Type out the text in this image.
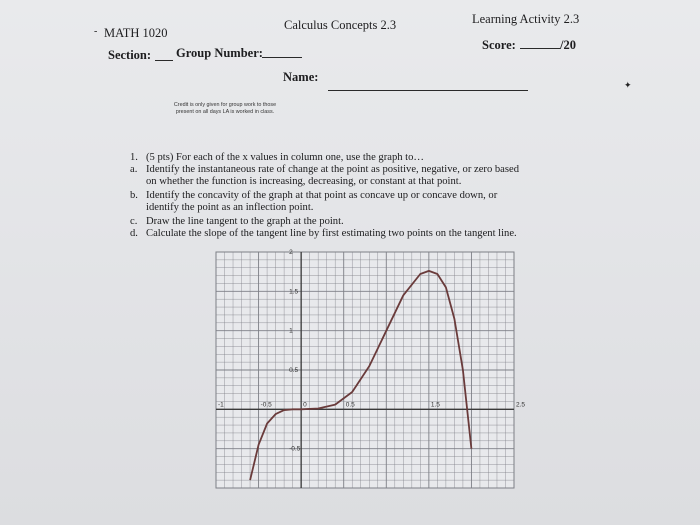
- MATH 1020
Calculus Concepts 2.3	Learning Activity 2.3
Section: Group Number:
Score:	/20
Name:
Credit is only given for group work to those
present on all days LA is worked in class.
1. (5 pts) For each of the x values in column one, use the graph to…
a. Identify the instantaneous rate of change at the point as positive, negative, or zero based
on whether the function is increasing, decreasing, or constant at that point.
b. Identify the concavity of the graph at that point as concave up or concave down, or
identify the point as an inflection point.
c. Draw the line tangent to the graph at the point.
d. Calculate the slope of the tangent line by first estimating two points on the tangent line.
-1	-0.5	0	0.5	1.5	2.5
2
1.5
1
0.5
-0.5
✦
